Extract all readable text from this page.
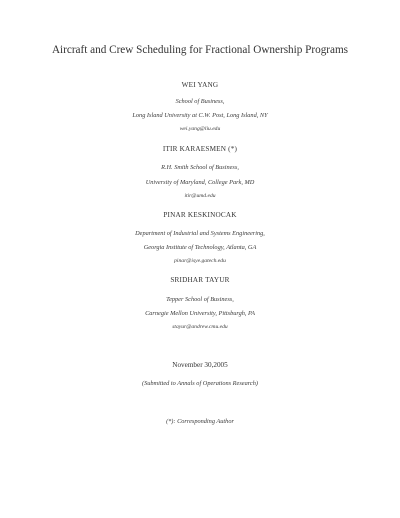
Aircraft and Crew Scheduling for Fractional Ownership Programs
WEI YANG
School of Business,
Long Island University at C.W. Post, Long Island, NY
wei.yang@liu.edu
ITIR KARAESMEN (*)
R.H. Smith School of Business,
University of Maryland, College Park, MD
itir@umd.edu
PINAR KESKINOCAK
Department of Industrial and Systems Engineering,
Georgia Institute of Technology, Atlanta, GA
pinar@isye.gatech.edu
SRIDHAR TAYUR
Tepper School of Business,
Carnegie Mellon University, Pittsburgh, PA
stayur@andrew.cmu.edu
November 30,2005
(Submitted to Annals of Operations Research)
(*): Corresponding Author
